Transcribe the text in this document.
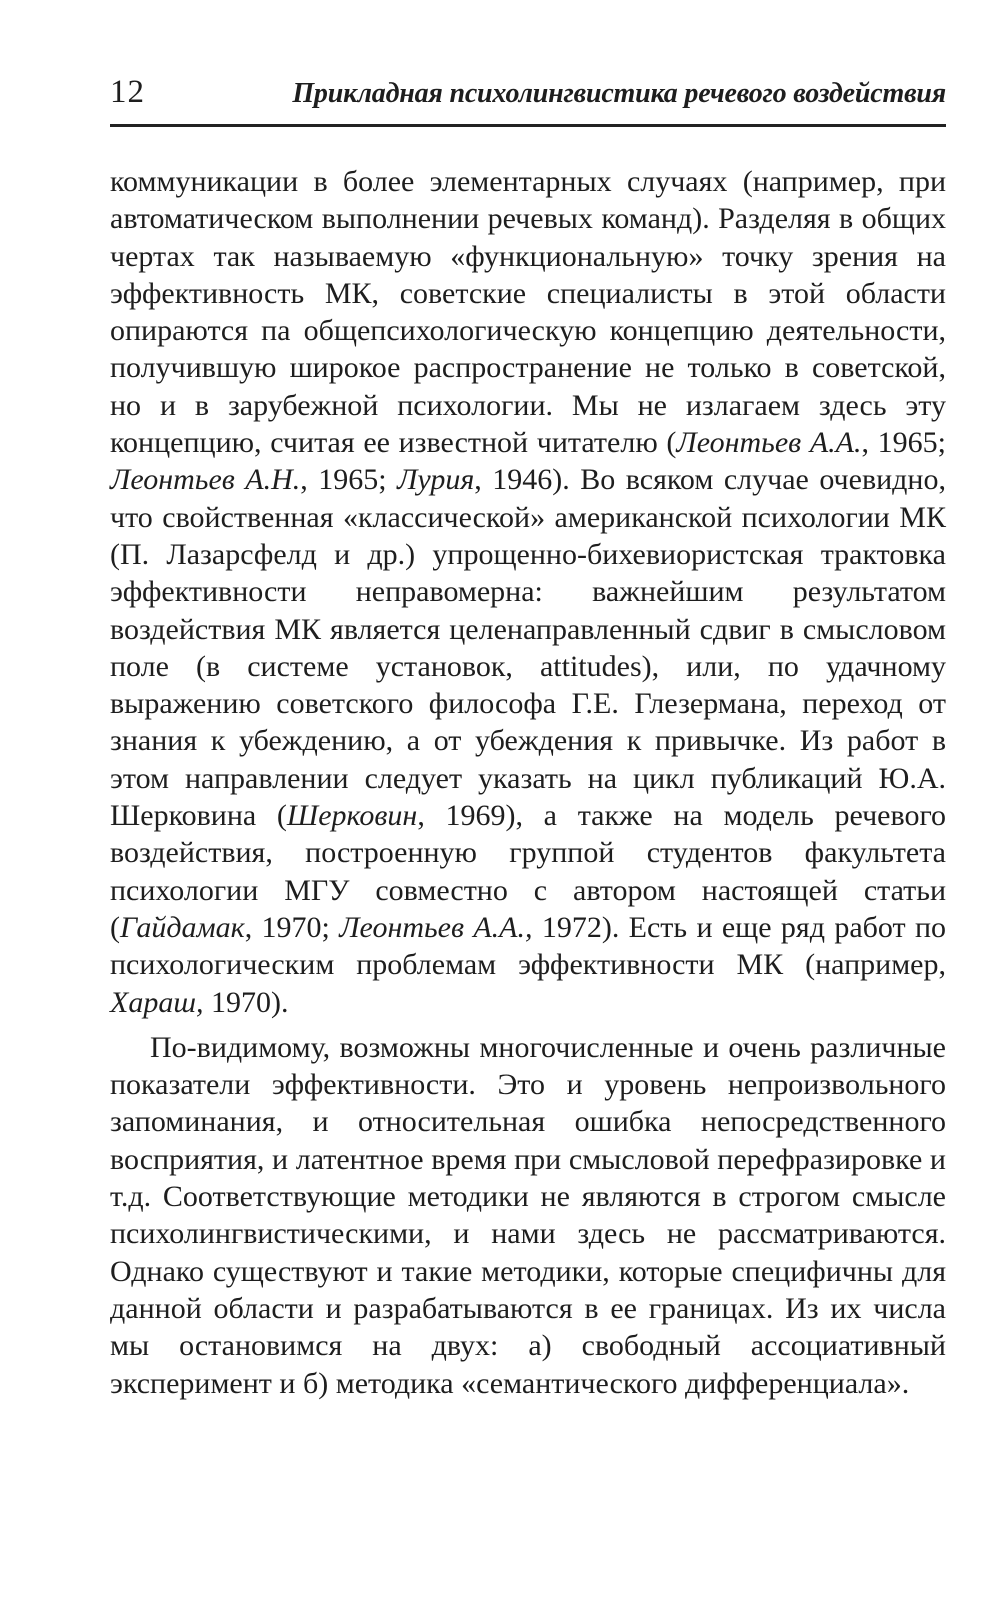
12	Прикладная психолингвистика речевого воздействия

коммуникации в более элементарных случаях (например, при автоматическом выполнении речевых команд). Разделяя в общих чертах так называемую «функциональную» точку зрения на эффективность МК, советские специалисты в этой области опираются па общепсихологическую концепцию деятельности, получившую широкое распространение не только в советской, но и в зарубежной психологии. Мы не излагаем здесь эту концепцию, считая ее известной читателю (Леонтьев А.А., 1965; Леонтьев А.Н., 1965; Лурия, 1946). Во всяком случае очевидно, что свойственная «классической» американской психологии МК (П. Лазарсфелд и др.) упрощенно-бихевиористская трактовка эффективности неправомерна: важнейшим результатом воздействия МК является целенаправленный сдвиг в смысловом поле (в системе установок, attitudes), или, по удачному выражению советского философа Г.Е. Глезермана, переход от знания к убеждению, а от убеждения к привычке. Из работ в этом направлении следует указать на цикл публикаций Ю.А. Шерковина (Шерковин, 1969), а также на модель речевого воздействия, построенную группой студентов факультета психологии МГУ совместно с автором настоящей статьи (Гайдамак, 1970; Леонтьев А.А., 1972). Есть и еще ряд работ по психологическим проблемам эффективности МК (например, Хараш, 1970).

По-видимому, возможны многочисленные и очень различные показатели эффективности. Это и уровень непроизвольного запоминания, и относительная ошибка непосредственного восприятия, и латентное время при смысловой перефразировке и т.д. Соответствующие методики не являются в строгом смысле психолингвистическими, и нами здесь не рассматриваются. Однако существуют и такие методики, которые специфичны для данной области и разрабатываются в ее границах. Из их числа мы остановимся на двух: а) свободный ассоциативный эксперимент и б) методика «семантического дифференциала».
